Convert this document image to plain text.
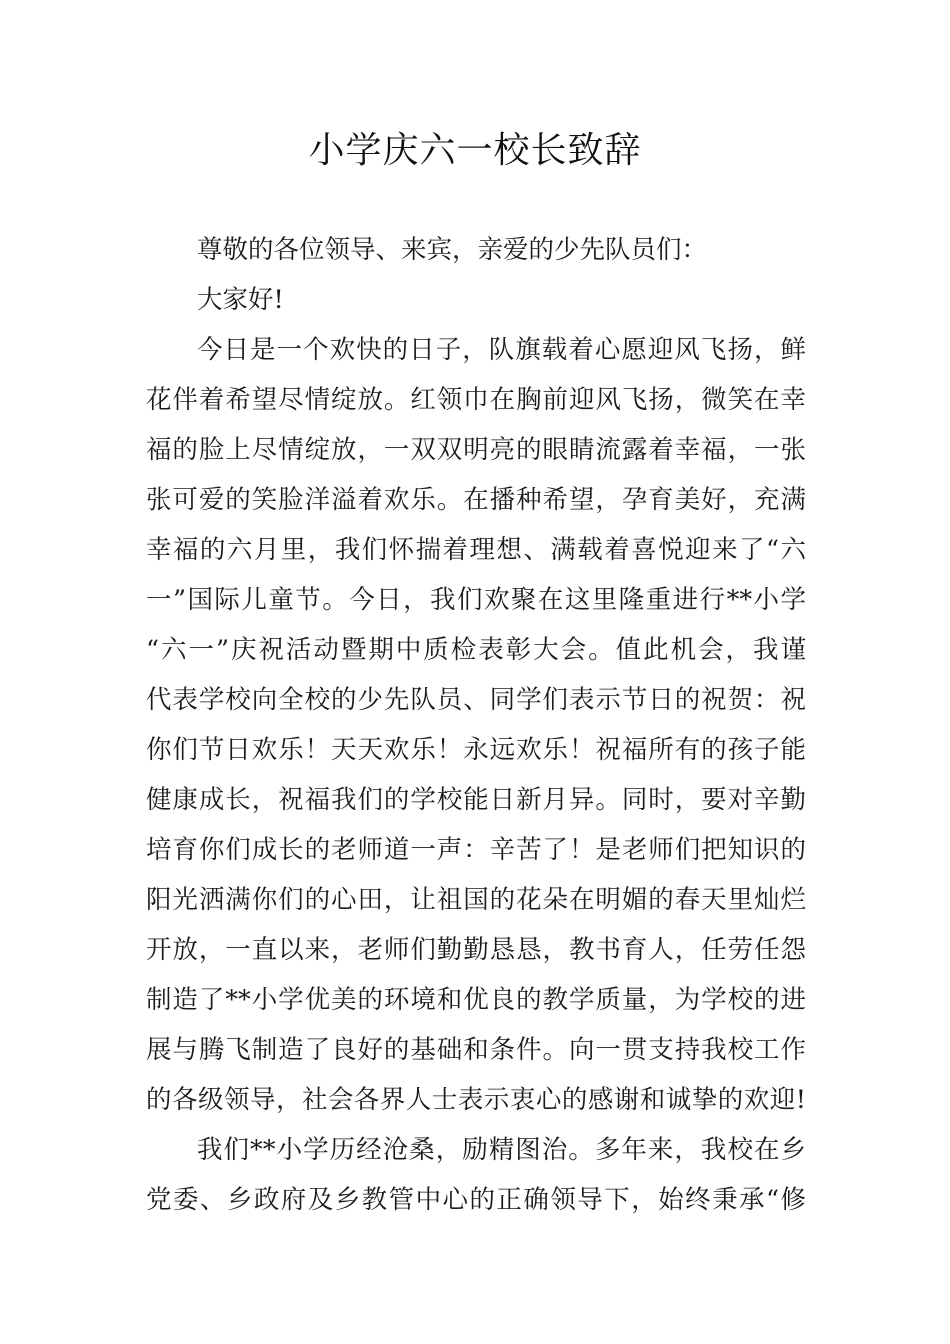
小学庆六一校长致辞
尊敬的各位领导、来宾，亲爱的少先队员们：
大家好!
今日是一个欢快的日子，队旗载着心愿迎风飞扬，鲜
花伴着希望尽情绽放。红领巾在胸前迎风飞扬，微笑在幸
福的脸上尽情绽放，一双双明亮的眼睛流露着幸福，一张
张可爱的笑脸洋溢着欢乐。在播种希望，孕育美好，充满
幸福的六月里，我们怀揣着理想、满载着喜悦迎来了“六
一”国际儿童节。今日，我们欢聚在这里隆重进行**小学
“六一”庆祝活动暨期中质检表彰大会。值此机会，我谨
代表学校向全校的少先队员、同学们表示节日的祝贺：祝
你们节日欢乐！天天欢乐！永远欢乐！祝福所有的孩子能
健康成长，祝福我们的学校能日新月异。同时，要对辛勤
培育你们成长的老师道一声：辛苦了！是老师们把知识的
阳光洒满你们的心田，让祖国的花朵在明媚的春天里灿烂
开放，一直以来，老师们勤勤恳恳，教书育人，任劳任怨
制造了**小学优美的环境和优良的教学质量，为学校的进
展与腾飞制造了良好的基础和条件。向一贯支持我校工作
的各级领导，社会各界人士表示衷心的感谢和诚挚的欢迎!
我们**小学历经沧桑，励精图治。多年来，我校在乡
党委、乡政府及乡教管中心的正确领导下，始终秉承“修
